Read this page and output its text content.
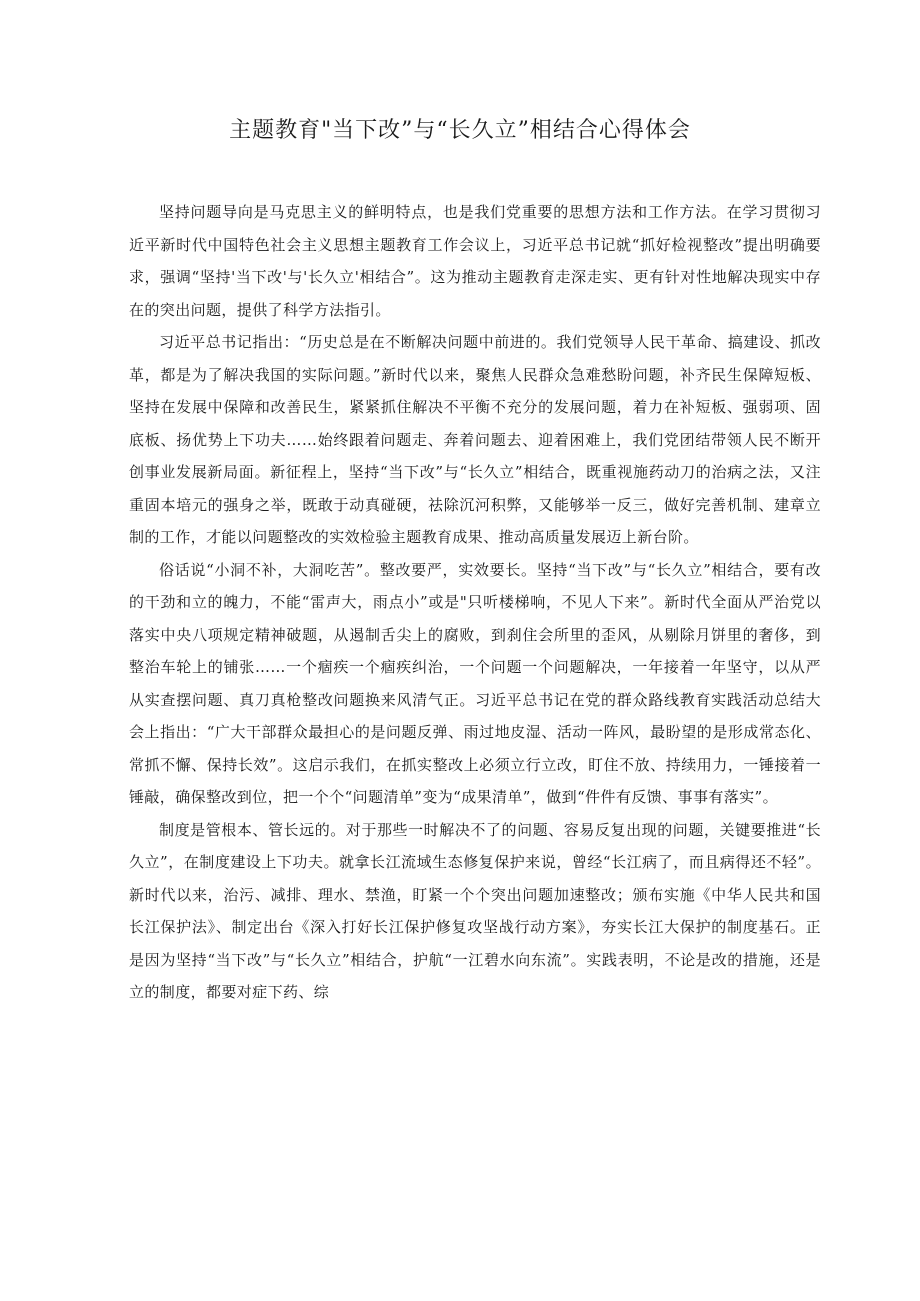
主题教育"当下改”与“长久立”相结合心得体会

坚持问题导向是马克思主义的鲜明特点，也是我们党重要的思想方法和工作方法。在学习贯彻习近平新时代中国特色社会主义思想主题教育工作会议上，习近平总书记就“抓好检视整改”提出明确要求，强调“坚持'当下改'与'长久立'相结合”。这为推动主题教育走深走实、更有针对性地解决现实中存在的突出问题，提供了科学方法指引。

习近平总书记指出：“历史总是在不断解决问题中前进的。我们党领导人民干革命、搞建设、抓改革，都是为了解决我国的实际问题。”新时代以来，聚焦人民群众急难愁盼问题，补齐民生保障短板、坚持在发展中保障和改善民生，紧紧抓住解决不平衡不充分的发展问题，着力在补短板、强弱项、固底板、扬优势上下功夫……始终跟着问题走、奔着问题去、迎着困难上，我们党团结带领人民不断开创事业发展新局面。新征程上，坚持“当下改”与“长久立”相结合，既重视施药动刀的治病之法，又注重固本培元的强身之举，既敢于动真碰硬，祛除沉河积弊，又能够举一反三，做好完善机制、建章立制的工作，才能以问题整改的实效检验主题教育成果、推动高质量发展迈上新台阶。

俗话说“小洞不补，大洞吃苦”。整改要严，实效要长。坚持“当下改”与“长久立”相结合，要有改的干劲和立的魄力，不能“雷声大，雨点小”或是"只听楼梯响，不见人下来”。新时代全面从严治党以落实中央八项规定精神破题，从遏制舌尖上的腐败，到刹住会所里的歪风，从剔除月饼里的奢侈，到整治车轮上的铺张……一个痼疾一个痼疾纠治，一个问题一个问题解决，一年接着一年坚守，以从严从实查摆问题、真刀真枪整改问题换来风清气正。习近平总书记在党的群众路线教育实践活动总结大会上指出：“广大干部群众最担心的是问题反弹、雨过地皮湿、活动一阵风，最盼望的是形成常态化、常抓不懈、保持长效”。这启示我们，在抓实整改上必须立行立改，盯住不放、持续用力，一锤接着一锤敲，确保整改到位，把一个个“问题清单”变为“成果清单”，做到“件件有反馈、事事有落实”。

制度是管根本、管长远的。对于那些一时解决不了的问题、容易反复出现的问题，关键要推进“长久立”，在制度建设上下功夫。就拿长江流域生态修复保护来说，曾经“长江病了，而且病得还不轻”。新时代以来，治污、减排、理水、禁渔，盯紧一个个突出问题加速整改；颁布实施《中华人民共和国长江保护法》、制定出台《深入打好长江保护修复攻坚战行动方案》，夯实长江大保护的制度基石。正是因为坚持“当下改”与“长久立”相结合，护航“一江碧水向东流”。实践表明，不论是改的措施，还是立的制度，都要对症下药、综
